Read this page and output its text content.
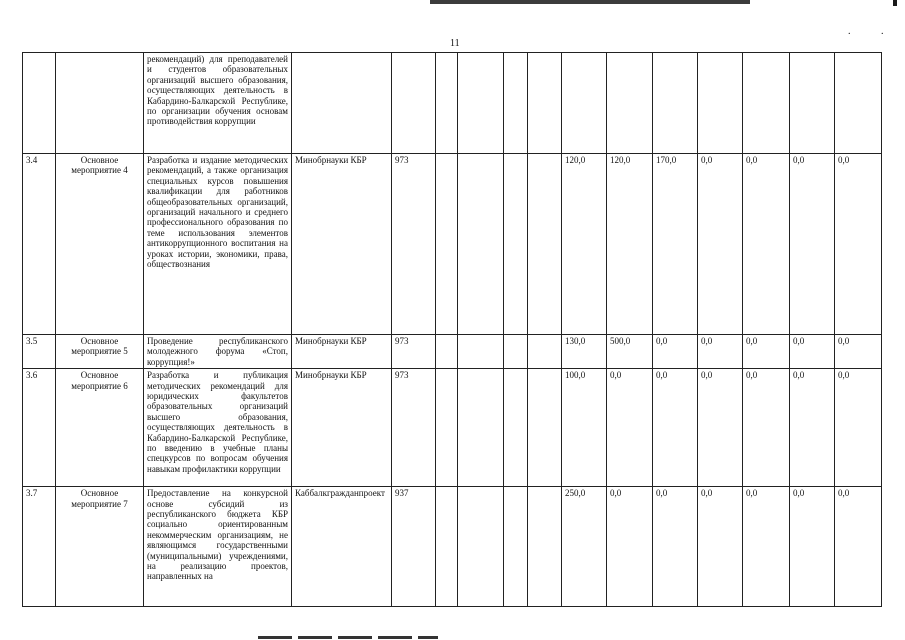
. .
11
		рекомендаций) для преподавателей и студентов образовательных организаций высшего образования, осуществляющих деятельность в Кабардино-Балкарской Республике, по организации обучения основам противодействия коррупции													
3.4	Основное мероприятие 4	Разработка и издание методических рекомендаций, а также организация специальных курсов повышения квалификации для работников общеобразовательных организаций, организаций начального и среднего профессионального образования по теме использования элементов антикоррупционного воспитания на уроках истории, экономики, права, обществознания	Минобрнауки КБР	973					120,0	120,0	170,0	0,0	0,0	0,0	0,0
3.5	Основное мероприятие 5	Проведение республиканского молодежного форума «Стоп, коррупция!»	Минобрнауки КБР	973					130,0	500,0	0,0	0,0	0,0	0,0	0,0
3.6	Основное мероприятие 6	Разработка и публикация методических рекомендаций для юридических факультетов образовательных организаций высшего образования, осуществляющих деятельность в Кабардино-Балкарской Республике, по введению в учебные планы спецкурсов по вопросам обучения навыкам профилактики коррупции	Минобрнауки КБР	973					100,0	0,0	0,0	0,0	0,0	0,0	0,0
3.7	Основное мероприятие 7	Предоставление на конкурсной основе субсидий из республиканского бюджета КБР социально ориентированным некоммерческим организациям, не являющимся государственными (муниципальными) учреждениями, на реализацию проектов, направленных на	Каббалкгражданпроект	937					250,0	0,0	0,0	0,0	0,0	0,0	0,0
